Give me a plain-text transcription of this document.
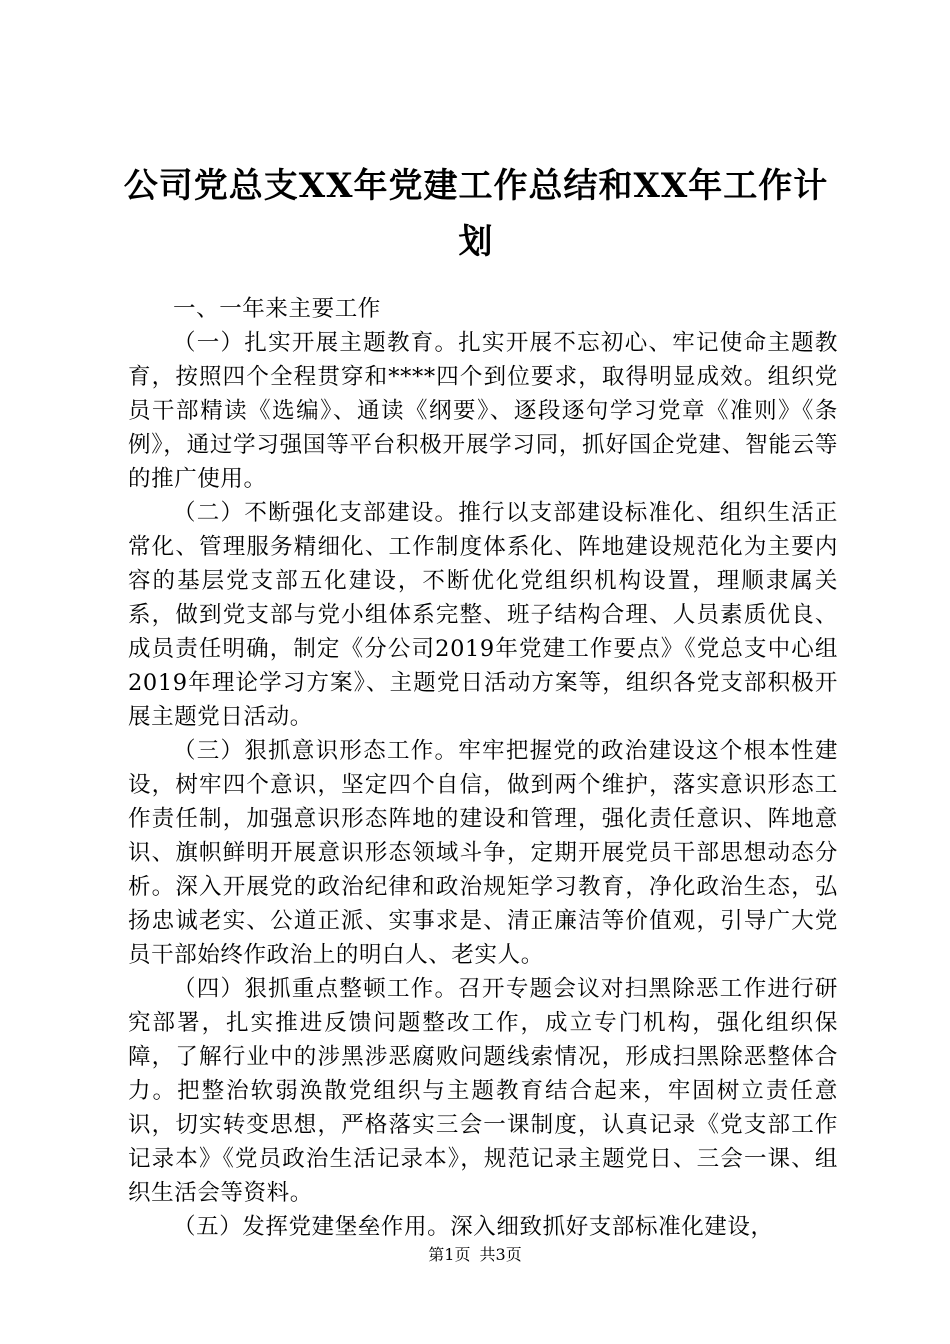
公司党总支XX年党建工作总结和XX年工作计划

一、一年来主要工作

（一）扎实开展主题教育。扎实开展不忘初心、牢记使命主题教育，按照四个全程贯穿和****四个到位要求，取得明显成效。组织党员干部精读《选编》、通读《纲要》、逐段逐句学习党章《准则》《条例》，通过学习强国等平台积极开展学习同，抓好国企党建、智能云等的推广使用。

（二）不断强化支部建设。推行以支部建设标准化、组织生活正常化、管理服务精细化、工作制度体系化、阵地建设规范化为主要内容的基层党支部五化建设，不断优化党组织机构设置，理顺隶属关系，做到党支部与党小组体系完整、班子结构合理、人员素质优良、成员责任明确，制定《分公司2019年党建工作要点》《党总支中心组2019年理论学习方案》、主题党日活动方案等，组织各党支部积极开展主题党日活动。

（三）狠抓意识形态工作。牢牢把握党的政治建设这个根本性建设，树牢四个意识，坚定四个自信，做到两个维护，落实意识形态工作责任制，加强意识形态阵地的建设和管理，强化责任意识、阵地意识、旗帜鲜明开展意识形态领域斗争，定期开展党员干部思想动态分析。深入开展党的政治纪律和政治规矩学习教育，净化政治生态，弘扬忠诚老实、公道正派、实事求是、清正廉洁等价值观，引导广大党员干部始终作政治上的明白人、老实人。

（四）狠抓重点整顿工作。召开专题会议对扫黑除恶工作进行研究部署，扎实推进反馈问题整改工作，成立专门机构，强化组织保障，了解行业中的涉黑涉恶腐败问题线索情况，形成扫黑除恶整体合力。把整治软弱涣散党组织与主题教育结合起来，牢固树立责任意识，切实转变思想，严格落实三会一课制度，认真记录《党支部工作记录本》《党员政治生活记录本》，规范记录主题党日、三会一课、组织生活会等资料。

（五）发挥党建堡垒作用。深入细致抓好支部标准化建设，

第1页 共3页
